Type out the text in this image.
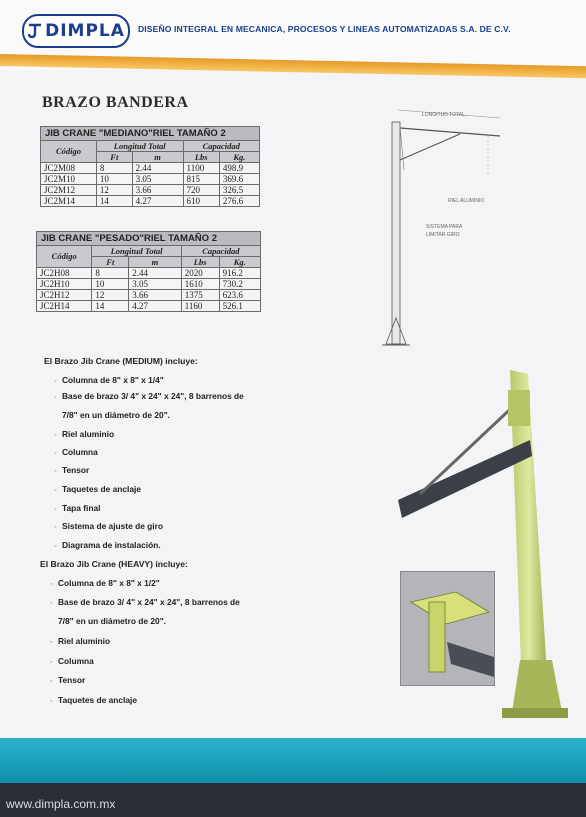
DIMPLA DISEÑO INTEGRAL EN MECANICA, PROCESOS Y LINEAS AUTOMATIZADAS S.A. DE C.V.
BRAZO BANDERA
JIB CRANE "MEDIANO"RIEL TAMAÑO 2				
Código	Longitud Total		Capacidad	
	Ft	m	Lbs	Kg.
JC2M08	8	2.44	1100	498.9
JC2M10	10	3.05	815	369.6
JC2M12	12	3.66	720	326.5
JC2M14	14	4.27	610	276.6
JIB CRANE "PESADO"RIEL TAMAÑO 2				
Código	Longitud Total		Capacidad	
	Ft	m	Lbs	Kg.
JC2H08	8	2.44	2020	916.2
JC2H10	10	3.05	1610	730.2
JC2H12	12	3.66	1375	623.6
JC2H14	14	4.27	1160	526.1
El Brazo Jib Crane (MEDIUM) incluye:
◦ Columna de 8" x 8" x 1/4"
◦ Base de brazo 3/ 4" x 24" x 24", 8 barrenos de
7/8" en un diámetro de 20".
◦ Riel aluminio
◦ Columna
◦ Tensor
◦ Taquetes de anclaje
◦ Tapa final
◦ Sistema de ajuste de giro
◦ Diagrama de instalación.
El Brazo Jib Crane (HEAVY) incluye:
◦ Columna de 8" x 8" x 1/2"
◦ Base de brazo 3/ 4" x 24" x 24", 8 barrenos de
7/8" en un diámetro de 20".
◦ Riel aluminio
◦ Columna
◦ Tensor
◦ Taquetes de anclaje
LONGITUD TOTAL
RIEL ALUMINIO
SISTEMA PARA
LIMITAR GIRO
www.dimpla.com.mx
